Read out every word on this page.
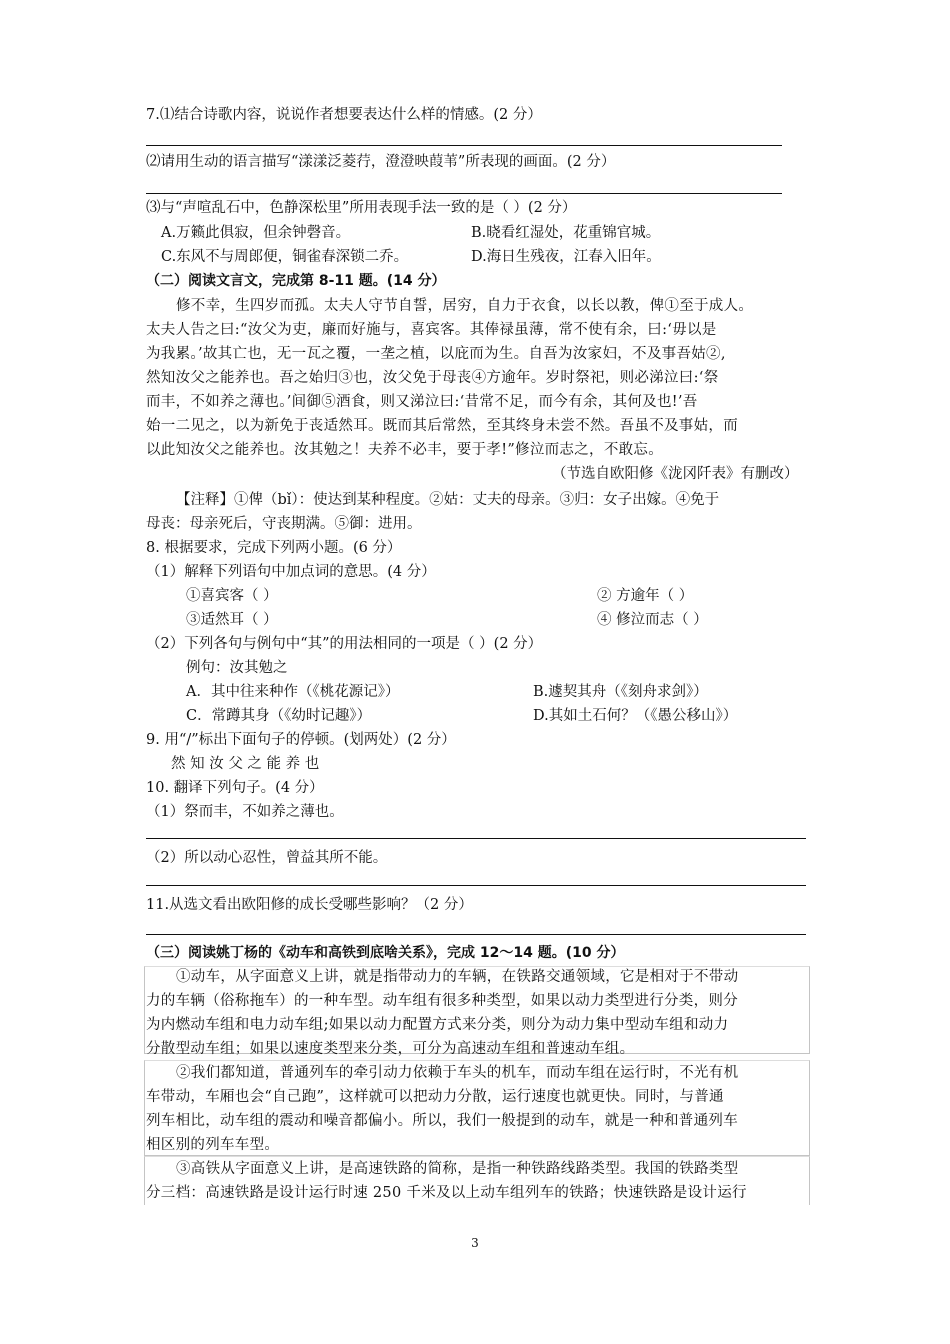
7.⑴结合诗歌内容，说说作者想要表达什么样的情感。(2 分）
⑵请用生动的语言描写“漾漾泛菱荇，澄澄映葭苇”所表现的画面。(2 分）
⑶与“声喧乱石中，色静深松里”所用表现手法一致的是（ ）(2 分）
A.万籁此俱寂，但余钟磬音。	B.晓看红湿处，花重锦官城。
C.东风不与周郎便，铜雀春深锁二乔。	D.海日生残夜，江春入旧年。
（二）阅读文言文，完成第 8-11 题。(14 分）
修不幸，生四岁而孤。太夫人守节自誓，居穷，自力于衣食，以长以教，俾①至于成人。
太夫人告之曰:“汝父为吏，廉而好施与，喜宾客。其俸禄虽薄，常不使有余，曰:‘毋以是
为我累。’故其亡也，无一瓦之覆，一垄之植，以庇而为生。自吾为汝家妇，不及事吾姑②,
然知汝父之能养也。吾之始归③也，汝父免于母丧④方逾年。岁时祭祀，则必涕泣曰:‘祭
而丰，不如养之薄也。’间御⑤酒食，则又涕泣曰:‘昔常不足，而今有余，其何及也!’吾
始一二见之，以为新免于丧适然耳。既而其后常然，至其终身未尝不然。吾虽不及事姑，而
以此知汝父之能养也。汝其勉之！夫养不必丰，要于孝!”修泣而志之，不敢忘。
（节选自欧阳修《泷冈阡表》有删改）
【注释】①俾（bǐ）：使达到某种程度。②姑：丈夫的母亲。③归：女子出嫁。④免于
母丧：母亲死后，守丧期满。⑤御：进用。
8. 根据要求，完成下列两小题。(6 分）
（1）解释下列语句中加点词的意思。(4 分）
①喜宾客（ ）	② 方逾年（ ）
③适然耳（ ）	④ 修泣而志（ ）
（2）下列各句与例句中“其”的用法相同的一项是（ ）(2 分）
例句：汝其勉之
A．其中往来种作（《桃花源记》）	B.遽契其舟（《刻舟求剑》）
C．常蹲其身（《幼时记趣》）	D.其如土石何？（《愚公移山》）
9. 用“/”标出下面句子的停顿。(划两处）(2 分）
然 知 汝 父 之 能 养 也
10. 翻译下列句子。(4 分）
（1）祭而丰，不如养之薄也。
（2）所以动心忍性，曾益其所不能。
11.从选文看出欧阳修的成长受哪些影响？（2 分）
（三）阅读姚丁杨的《动车和高铁到底啥关系》，完成 12～14 题。(10 分）
①动车，从字面意义上讲，就是指带动力的车辆，在铁路交通领域，它是相对于不带动
力的车辆（俗称拖车）的一种车型。动车组有很多种类型，如果以动力类型进行分类，则分
为内燃动车组和电力动车组;如果以动力配置方式来分类，则分为动力集中型动车组和动力
分散型动车组；如果以速度类型来分类，可分为高速动车组和普速动车组。
②我们都知道，普通列车的牵引动力依赖于车头的机车，而动车组在运行时，不光有机
车带动，车厢也会“自己跑”，这样就可以把动力分散，运行速度也就更快。同时，与普通
列车相比，动车组的震动和噪音都偏小。所以，我们一般提到的动车，就是一种和普通列车
相区别的列车车型。
③高铁从字面意义上讲，是高速铁路的简称，是指一种铁路线路类型。我国的铁路类型
分三档：高速铁路是设计运行时速 250 千米及以上动车组列车的铁路；快速铁路是设计运行
3
